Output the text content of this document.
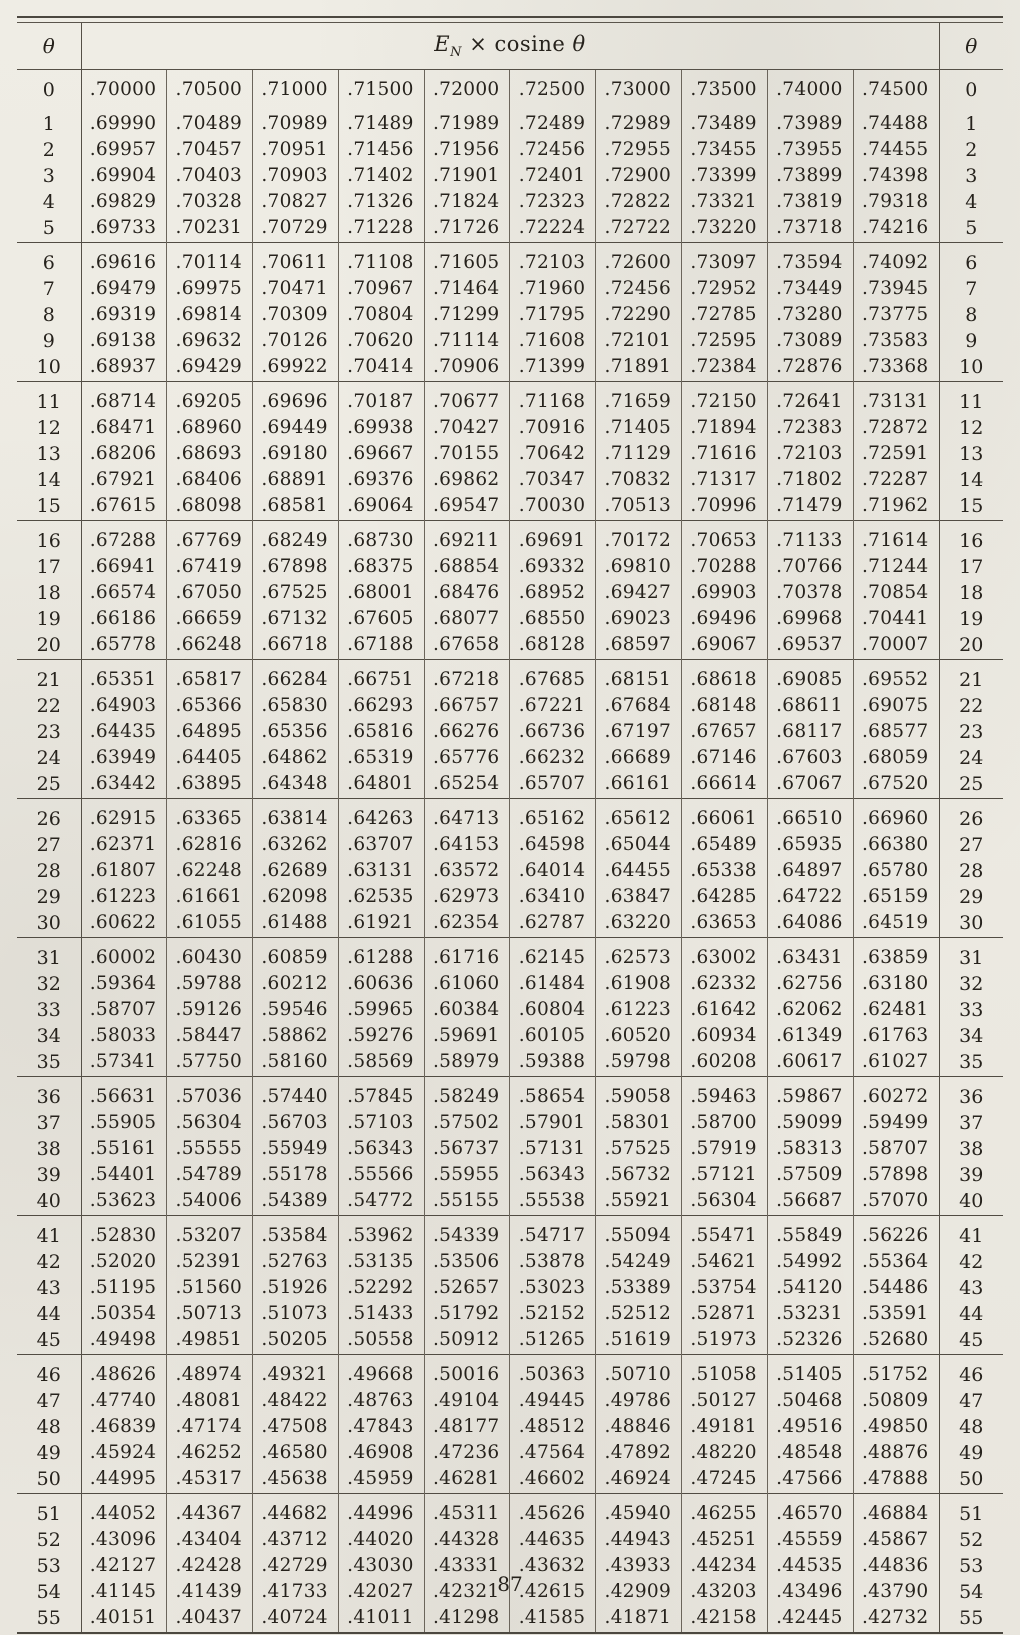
θ	$E_N \times cosine$ θ										θ
0	.70000	.70500	.71000	.71500	.72000	.72500	.73000	.73500	.74000	.74500	0
1	.69990	.70489	.70989	.71489	.71989	.72489	.72989	.73489	.73989	.74488	1
2	.69957	.70457	.70951	.71456	.71956	.72456	.72955	.73455	.73955	.74455	2
3	.69904	.70403	.70903	.71402	.71901	.72401	.72900	.73399	.73899	.74398	3
4	.69829	.70328	.70827	.71326	.71824	.72323	.72822	.73321	.73819	.79318	4
5	.69733	.70231	.70729	.71228	.71726	.72224	.72722	.73220	.73718	.74216	5
6	.69616	.70114	.70611	.71108	.71605	.72103	.72600	.73097	.73594	.74092	6
7	.69479	.69975	.70471	.70967	.71464	.71960	.72456	.72952	.73449	.73945	7
8	.69319	.69814	.70309	.70804	.71299	.71795	.72290	.72785	.73280	.73775	8
9	.69138	.69632	.70126	.70620	.71114	.71608	.72101	.72595	.73089	.73583	9
10	.68937	.69429	.69922	.70414	.70906	.71399	.71891	.72384	.72876	.73368	10
11	.68714	.69205	.69696	.70187	.70677	.71168	.71659	.72150	.72641	.73131	11
12	.68471	.68960	.69449	.69938	.70427	.70916	.71405	.71894	.72383	.72872	12
13	.68206	.68693	.69180	.69667	.70155	.70642	.71129	.71616	.72103	.72591	13
14	.67921	.68406	.68891	.69376	.69862	.70347	.70832	.71317	.71802	.72287	14
15	.67615	.68098	.68581	.69064	.69547	.70030	.70513	.70996	.71479	.71962	15
16	.67288	.67769	.68249	.68730	.69211	.69691	.70172	.70653	.71133	.71614	16
17	.66941	.67419	.67898	.68375	.68854	.69332	.69810	.70288	.70766	.71244	17
18	.66574	.67050	.67525	.68001	.68476	.68952	.69427	.69903	.70378	.70854	18
19	.66186	.66659	.67132	.67605	.68077	.68550	.69023	.69496	.69968	.70441	19
20	.65778	.66248	.66718	.67188	.67658	.68128	.68597	.69067	.69537	.70007	20
21	.65351	.65817	.66284	.66751	.67218	.67685	.68151	.68618	.69085	.69552	21
22	.64903	.65366	.65830	.66293	.66757	.67221	.67684	.68148	.68611	.69075	22
23	.64435	.64895	.65356	.65816	.66276	.66736	.67197	.67657	.68117	.68577	23
24	.63949	.64405	.64862	.65319	.65776	.66232	.66689	.67146	.67603	.68059	24
25	.63442	.63895	.64348	.64801	.65254	.65707	.66161	.66614	.67067	.67520	25
26	.62915	.63365	.63814	.64263	.64713	.65162	.65612	.66061	.66510	.66960	26
27	.62371	.62816	.63262	.63707	.64153	.64598	.65044	.65489	.65935	.66380	27
28	.61807	.62248	.62689	.63131	.63572	.64014	.64455	.65338	.64897	.65780	28
29	.61223	.61661	.62098	.62535	.62973	.63410	.63847	.64285	.64722	.65159	29
30	.60622	.61055	.61488	.61921	.62354	.62787	.63220	.63653	.64086	.64519	30
31	.60002	.60430	.60859	.61288	.61716	.62145	.62573	.63002	.63431	.63859	31
32	.59364	.59788	.60212	.60636	.61060	.61484	.61908	.62332	.62756	.63180	32
33	.58707	.59126	.59546	.59965	.60384	.60804	.61223	.61642	.62062	.62481	33
34	.58033	.58447	.58862	.59276	.59691	.60105	.60520	.60934	.61349	.61763	34
35	.57341	.57750	.58160	.58569	.58979	.59388	.59798	.60208	.60617	.61027	35
36	.56631	.57036	.57440	.57845	.58249	.58654	.59058	.59463	.59867	.60272	36
37	.55905	.56304	.56703	.57103	.57502	.57901	.58301	.58700	.59099	.59499	37
38	.55161	.55555	.55949	.56343	.56737	.57131	.57525	.57919	.58313	.58707	38
39	.54401	.54789	.55178	.55566	.55955	.56343	.56732	.57121	.57509	.57898	39
40	.53623	.54006	.54389	.54772	.55155	.55538	.55921	.56304	.56687	.57070	40
41	.52830	.53207	.53584	.53962	.54339	.54717	.55094	.55471	.55849	.56226	41
42	.52020	.52391	.52763	.53135	.53506	.53878	.54249	.54621	.54992	.55364	42
43	.51195	.51560	.51926	.52292	.52657	.53023	.53389	.53754	.54120	.54486	43
44	.50354	.50713	.51073	.51433	.51792	.52152	.52512	.52871	.53231	.53591	44
45	.49498	.49851	.50205	.50558	.50912	.51265	.51619	.51973	.52326	.52680	45
46	.48626	.48974	.49321	.49668	.50016	.50363	.50710	.51058	.51405	.51752	46
47	.47740	.48081	.48422	.48763	.49104	.49445	.49786	.50127	.50468	.50809	47
48	.46839	.47174	.47508	.47843	.48177	.48512	.48846	.49181	.49516	.49850	48
49	.45924	.46252	.46580	.46908	.47236	.47564	.47892	.48220	.48548	.48876	49
50	.44995	.45317	.45638	.45959	.46281	.46602	.46924	.47245	.47566	.47888	50
51	.44052	.44367	.44682	.44996	.45311	.45626	.45940	.46255	.46570	.46884	51
52	.43096	.43404	.43712	.44020	.44328	.44635	.44943	.45251	.45559	.45867	52
53	.42127	.42428	.42729	.43030	.43331	.43632	.43933	.44234	.44535	.44836	53
54	.41145	.41439	.41733	.42027	.42321	.42615	.42909	.43203	.43496	.43790	54
55	.40151	.40437	.40724	.41011	.41298	.41585	.41871	.42158	.42445	.42732	55
87
